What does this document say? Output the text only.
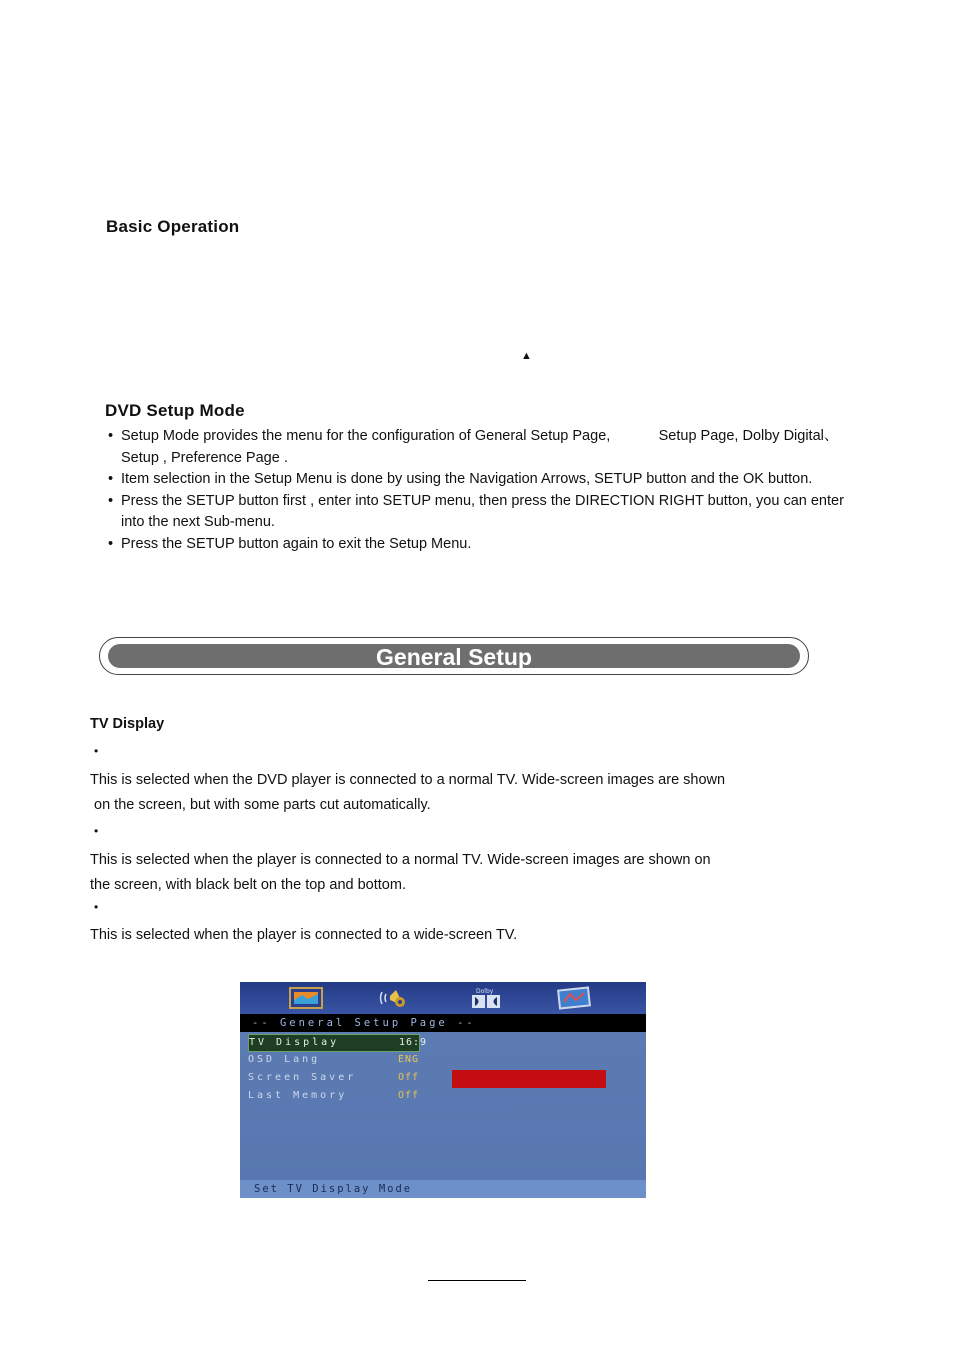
Basic Operation
▲
DVD Setup Mode
• Setup Mode provides the menu for the configuration of General Setup Page,            Setup Page, Dolby Digital、Setup , Preference Page .
• Item selection in the Setup Menu is done by using the Navigation Arrows, SETUP button and the OK button.
• Press the SETUP button first , enter into SETUP menu, then press the DIRECTION RIGHT button, you can enter into the next Sub-menu.
• Press the SETUP button again to exit the Setup Menu.
General Setup
TV Display
•
This is selected when the DVD player is connected to a normal TV. Wide-screen images are shown
on the screen, but with some parts cut automatically.
•
This is selected when the player is connected to a normal TV. Wide-screen images are shown on
the screen, with black belt on the top and bottom.
•
This is selected when the player is connected to a wide-screen TV.
Dolby
-- General Setup Page --
TV Display	16:9
OSD Lang	ENG
Screen Saver	Off
Last Memory	Off
Set TV Display Mode
